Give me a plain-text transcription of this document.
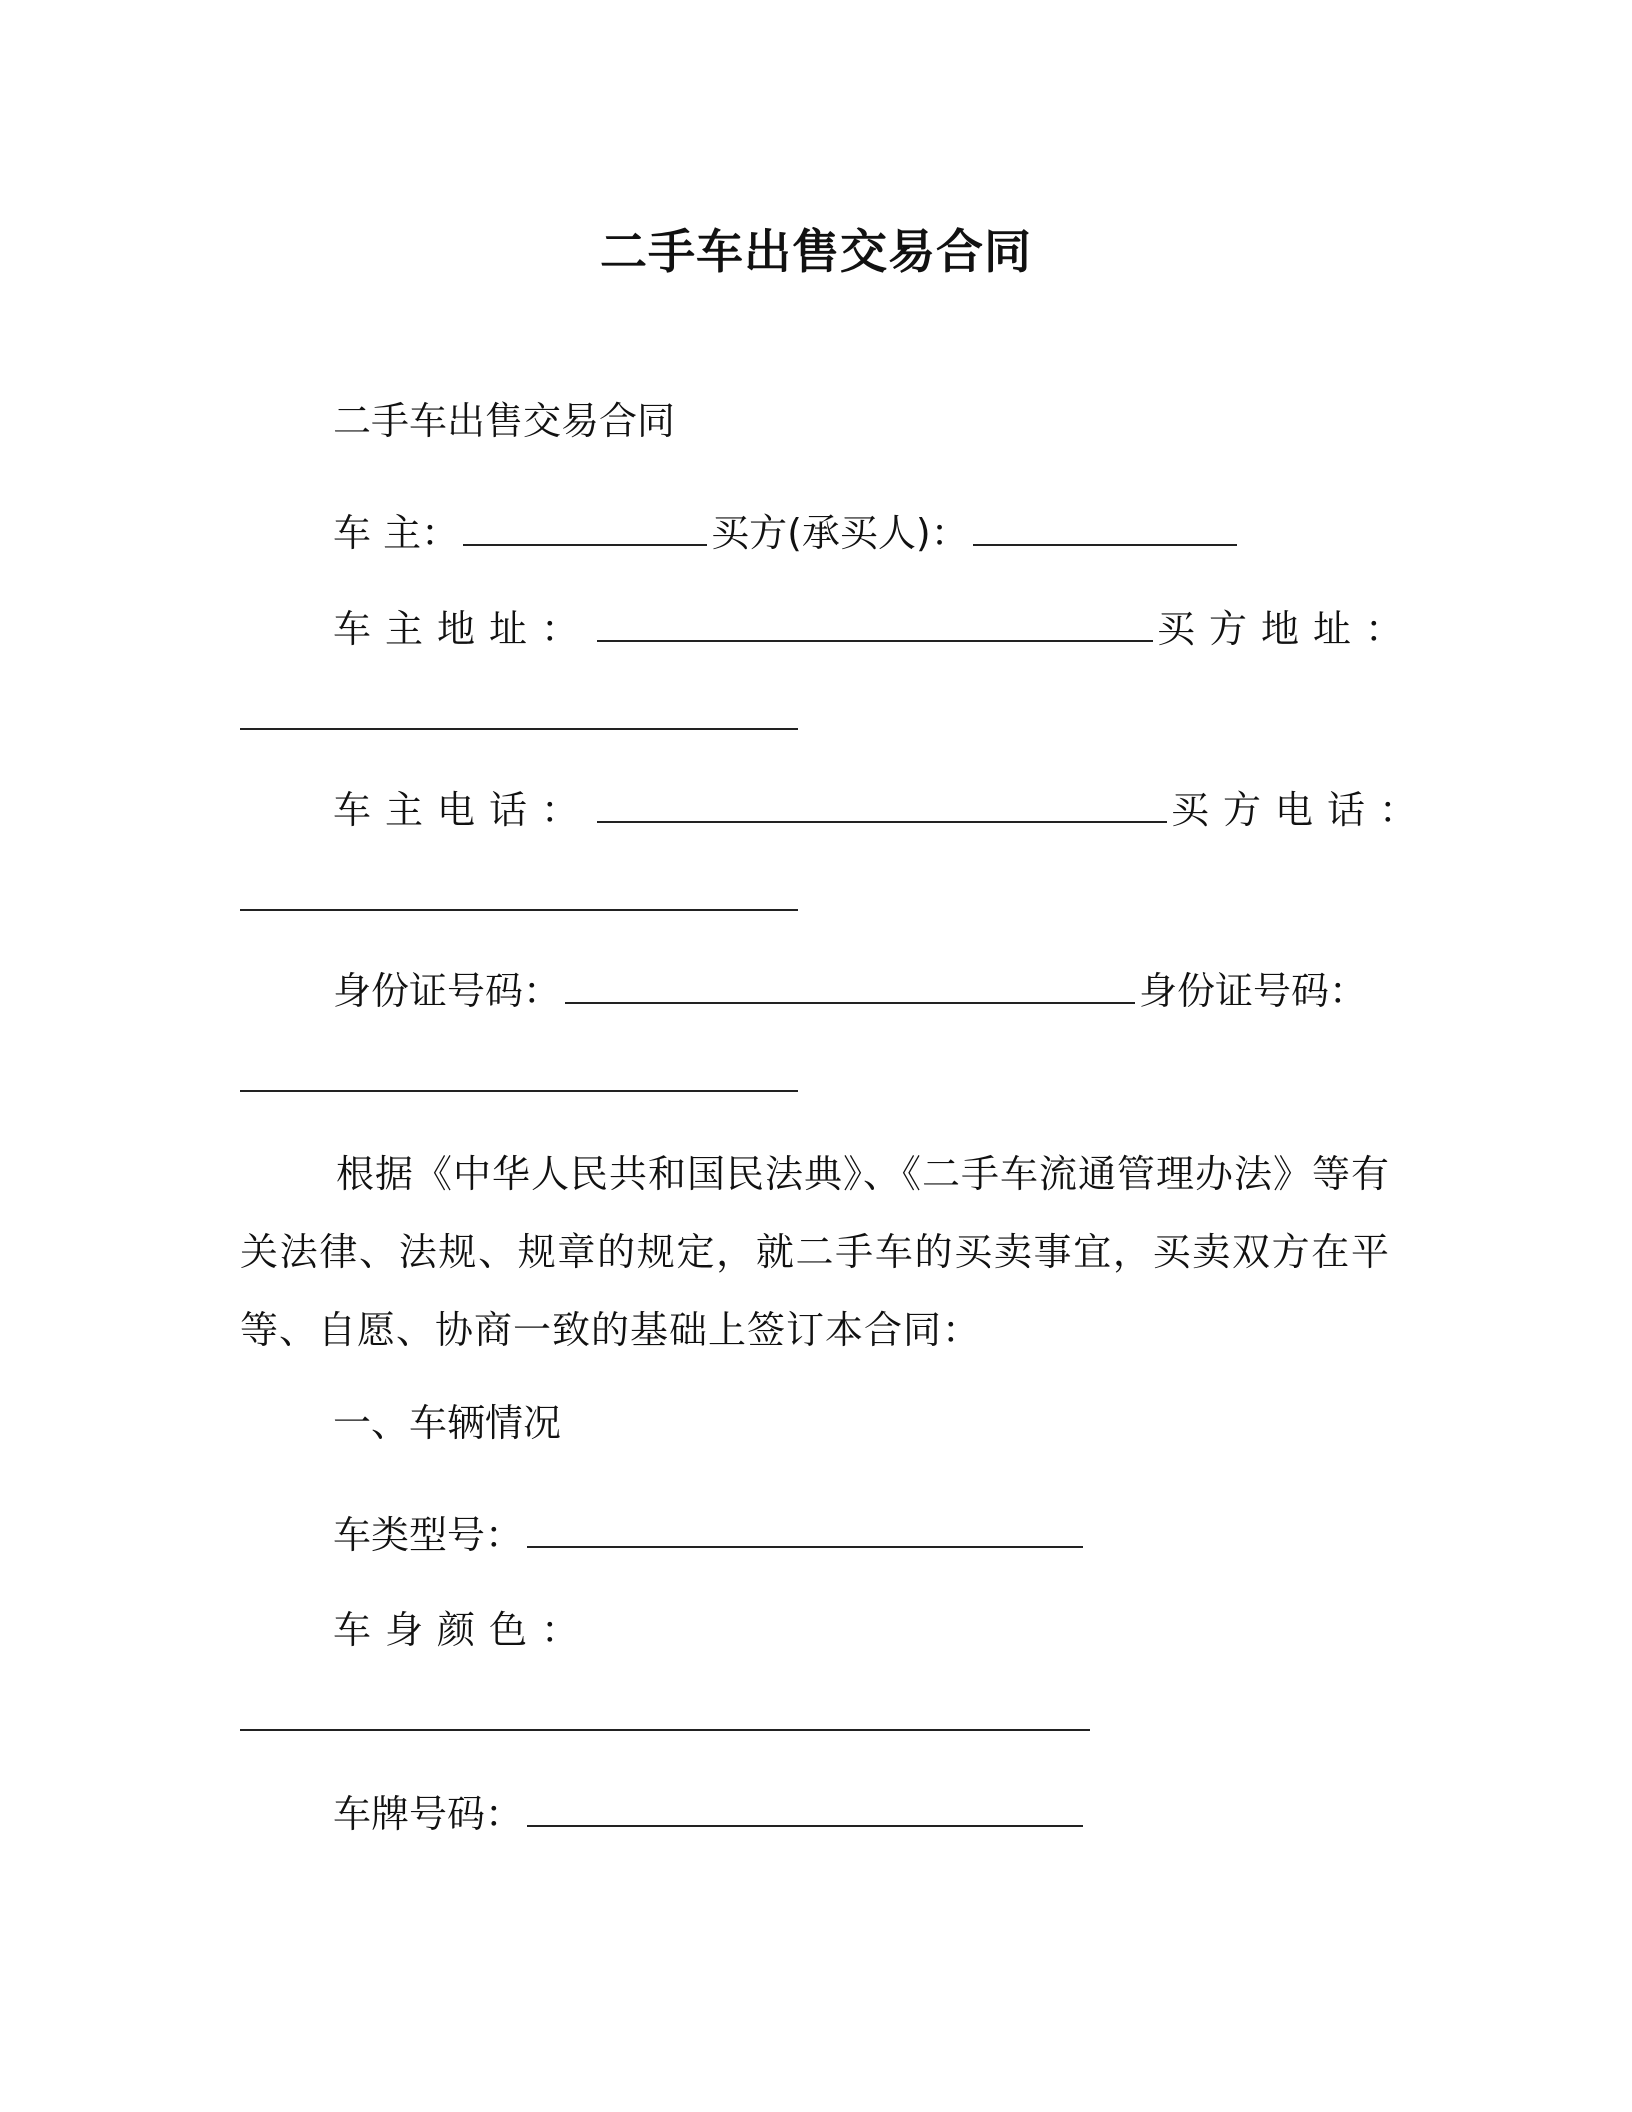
二手车出售交易合同

二手车出售交易合同

车 主：	买方(承买人)：

车主地址：	买方地址：

车主电话：	买方电话：

身份证号码：	身份证号码：

根据《中华人民共和国民法典》、《二手车流通管理办法》等有关法律、法规、规章的规定，就二手车的买卖事宜，买卖双方在平等、自愿、协商一致的基础上签订本合同：

一、车辆情况

车类型号：

车身颜色：

车牌号码：
